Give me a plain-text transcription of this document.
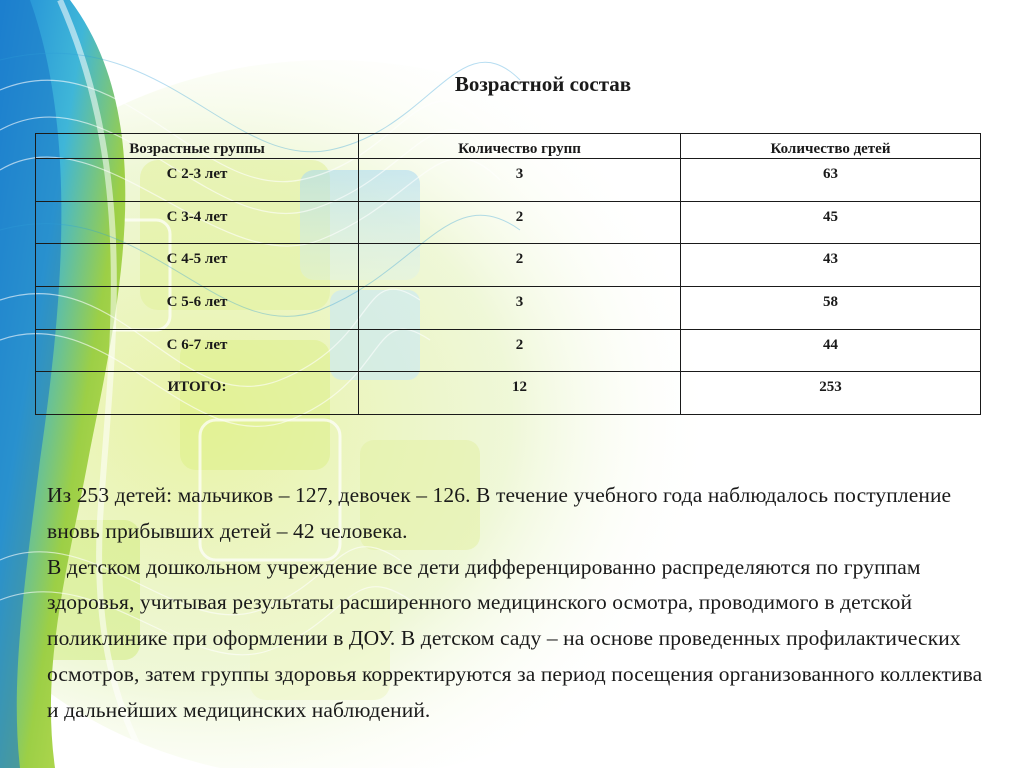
Возрастной состав
Возрастные группы	Количество групп	Количество детей
С 2-3 лет	3	63
С 3-4 лет	2	45
С 4-5 лет	2	43
С 5-6 лет	3	58
С 6-7 лет	2	44
ИТОГО:	12	253

Из 253 детей: мальчиков – 127, девочек – 126. В течение учебного года наблюдалось поступление вновь прибывших детей – 42 человека.

В детском дошкольном учреждение все дети дифференцированно распределяются по группам здоровья, учитывая результаты расширенного медицинского осмотра, проводимого в детской поликлинике при оформлении в ДОУ. В детском саду – на основе проведенных профилактических осмотров, затем группы здоровья корректируются за период посещения организованного коллектива и дальнейших медицинских наблюдений.
